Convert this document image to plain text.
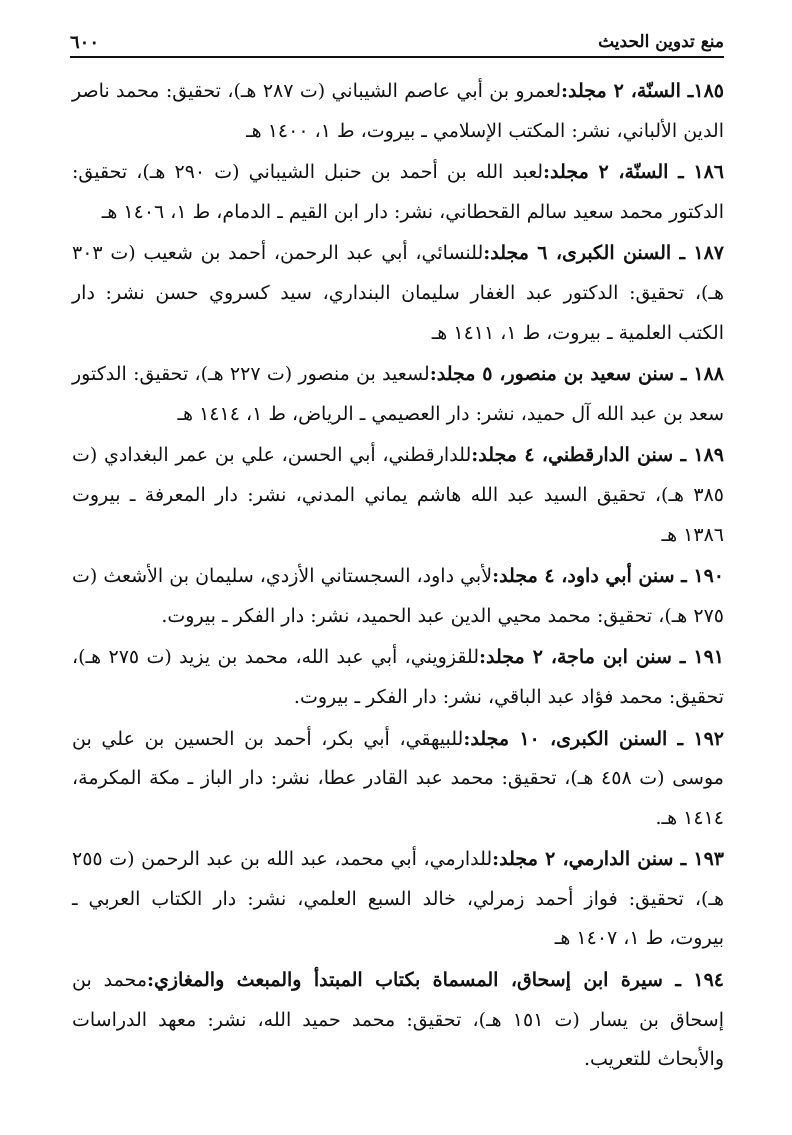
منع تدوين الحديث
٦٠٠

١٨٥ـ السنّة، ٢ مجلد:لعمرو بن أبي عاصم الشيباني (ت ٢٨٧ هـ)، تحقيق: محمد ناصر الدين الألباني، نشر: المكتب الإسلامي ـ بيروت، ط ١، ١٤٠٠ هـ

١٨٦ ـ السنّة، ٢ مجلد:لعبد الله بن أحمد بن حنبل الشيباني (ت ٢٩٠ هـ)، تحقيق: الدكتور محمد سعيد سالم القحطاني، نشر: دار ابن القيم ـ الدمام، ط ١، ١٤٠٦ هـ

١٨٧ ـ السنن الكبرى، ٦ مجلد:للنسائي، أبي عبد الرحمن، أحمد بن شعيب (ت ٣٠٣ هـ)، تحقيق: الدكتور عبد الغفار سليمان البنداري، سيد كسروي حسن نشر: دار الكتب العلمية ـ بيروت، ط ١، ١٤١١ هـ

١٨٨ ـ سنن سعيد بن منصور، ٥ مجلد:لسعيد بن منصور (ت ٢٢٧ هـ)، تحقيق: الدكتور سعد بن عبد الله آل حميد، نشر: دار العصيمي ـ الرياض، ط ١، ١٤١٤ هـ

١٨٩ ـ سنن الدارقطني، ٤ مجلد:للدارقطني، أبي الحسن، علي بن عمر البغدادي (ت ٣٨٥ هـ)، تحقيق السيد عبد الله هاشم يماني المدني، نشر: دار المعرفة ـ بيروت ١٣٨٦ هـ

١٩٠ ـ سنن أبي داود، ٤ مجلد:لأبي داود، السجستاني الأزدي، سليمان بن الأشعث (ت ٢٧٥ هـ)، تحقيق: محمد محيي الدين عبد الحميد، نشر: دار الفكر ـ بيروت.

١٩١ ـ سنن ابن ماجة، ٢ مجلد:للقزويني، أبي عبد الله، محمد بن يزيد (ت ٢٧٥ هـ)، تحقيق: محمد فؤاد عبد الباقي، نشر: دار الفكر ـ بيروت.

١٩٢ ـ السنن الكبرى، ١٠ مجلد:للبيهقي، أبي بكر، أحمد بن الحسين بن علي بن موسى (ت ٤٥٨ هـ)، تحقيق: محمد عبد القادر عطا، نشر: دار الباز ـ مكة المكرمة، ١٤١٤ هـ.

١٩٣ ـ سنن الدارمي، ٢ مجلد:للدارمي، أبي محمد، عبد الله بن عبد الرحمن (ت ٢٥٥ هـ)، تحقيق: فواز أحمد زمرلي، خالد السبع العلمي، نشر: دار الكتاب العربي ـ بيروت، ط ١، ١٤٠٧ هـ

١٩٤ ـ سيرة ابن إسحاق، المسماة بكتاب المبتدأ والمبعث والمغازي:محمد بن إسحاق بن يسار (ت ١٥١ هـ)، تحقيق: محمد حميد الله، نشر: معهد الدراسات والأبحاث للتعريب.
